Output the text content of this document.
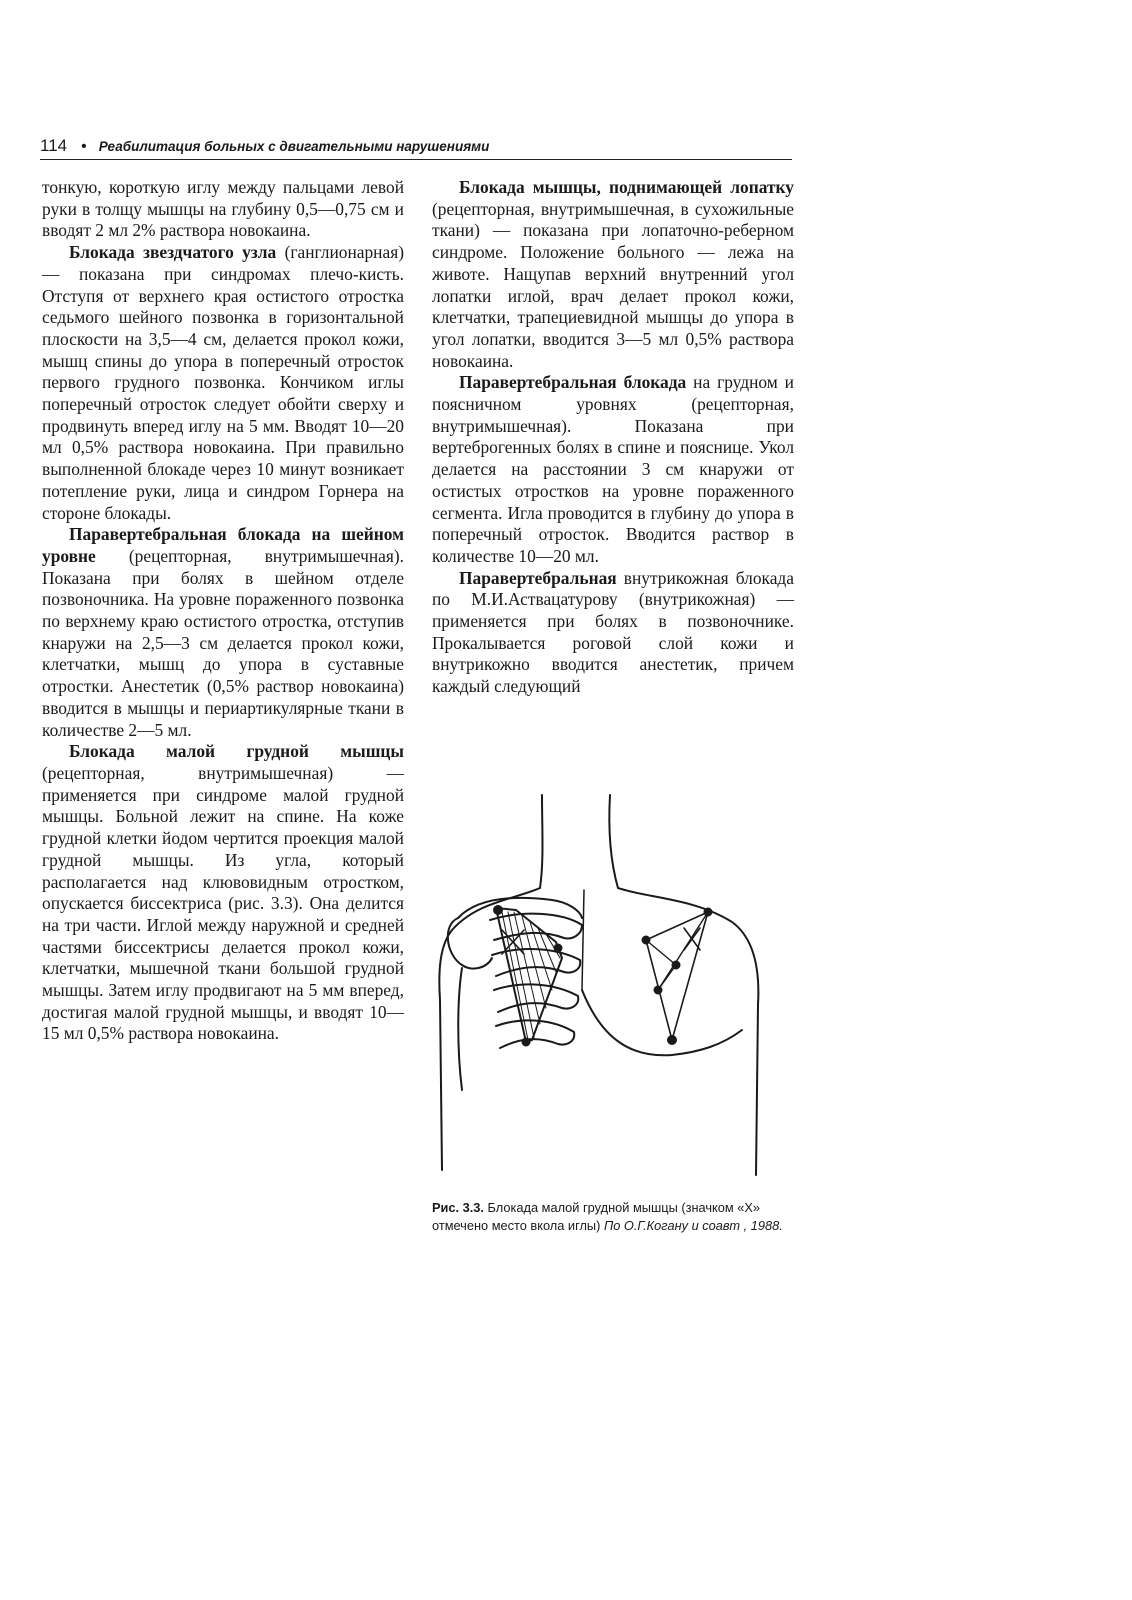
114 • Реабилитация больных с двигательными нарушениями

тонкую, короткую иглу между пальцами левой руки в толщу мышцы на глубину 0,5—0,75 см и вводят 2 мл 2% раствора новокаина.

Блокада звездчатого узла (ганглионарная) — показана при синдромах плечо-кисть. Отступя от верхнего края остистого отростка седьмого шейного позвонка в горизонтальной плоскости на 3,5—4 см, делается прокол кожи, мышц спины до упора в поперечный отросток первого грудного позвонка. Кончиком иглы поперечный отросток следует обойти сверху и продвинуть вперед иглу на 5 мм. Вводят 10—20 мл 0,5% раствора новокаина. При правильно выполненной блокаде через 10 минут возникает потепление руки, лица и синдром Горнера на стороне блокады.

Паравертебральная блокада на шейном уровне (рецепторная, внутримышечная). Показана при болях в шейном отделе позвоночника. На уровне пораженного позвонка по верхнему краю остистого отростка, отступив кнаружи на 2,5—3 см делается прокол кожи, клетчатки, мышц до упора в суставные отростки. Анестетик (0,5% раствор новокаина) вводится в мышцы и периартикулярные ткани в количестве 2—5 мл.

Блокада малой грудной мышцы (рецепторная, внутримышечная) — применяется при синдроме малой грудной мышцы. Больной лежит на спине. На коже грудной клетки йодом чертится проекция малой грудной мышцы. Из угла, который располагается над клювовидным отростком, опускается биссектриса (рис. 3.3). Она делится на три части. Иглой между наружной и средней частями биссектрисы делается прокол кожи, клетчатки, мышечной ткани большой грудной мышцы. Затем иглу продвигают на 5 мм вперед, достигая малой грудной мышцы, и вводят 10—15 мл 0,5% раствора новокаина.

Блокада мышцы, поднимающей лопатку (рецепторная, внутримышечная, в сухожильные ткани) — показана при лопаточно-реберном синдроме. Положение больного — лежа на животе. Нащупав верхний внутренний угол лопатки иглой, врач делает прокол кожи, клетчатки, трапециевидной мышцы до упора в угол лопатки, вводится 3—5 мл 0,5% раствора новокаина.

Паравертебральная блокада на грудном и поясничном уровнях (рецепторная, внутримышечная). Показана при вертеброгенных болях в спине и пояснице. Укол делается на расстоянии 3 см кнаружи от остистых отростков на уровне пораженного сегмента. Игла проводится в глубину до упора в поперечный отросток. Вводится раствор в количестве 10—20 мл.

Паравертебральная внутрикожная блокада по М.И.Аствацатурову (внутрикожная) — применяется при болях в позвоночнике. Прокалывается роговой слой кожи и внутрикожно вводится анестетик, причем каждый следующий

Рис. 3.3. Блокада малой грудной мышцы (значком «Х» отмечено место вкола иглы) По О.Г.Когану и соавт , 1988.
